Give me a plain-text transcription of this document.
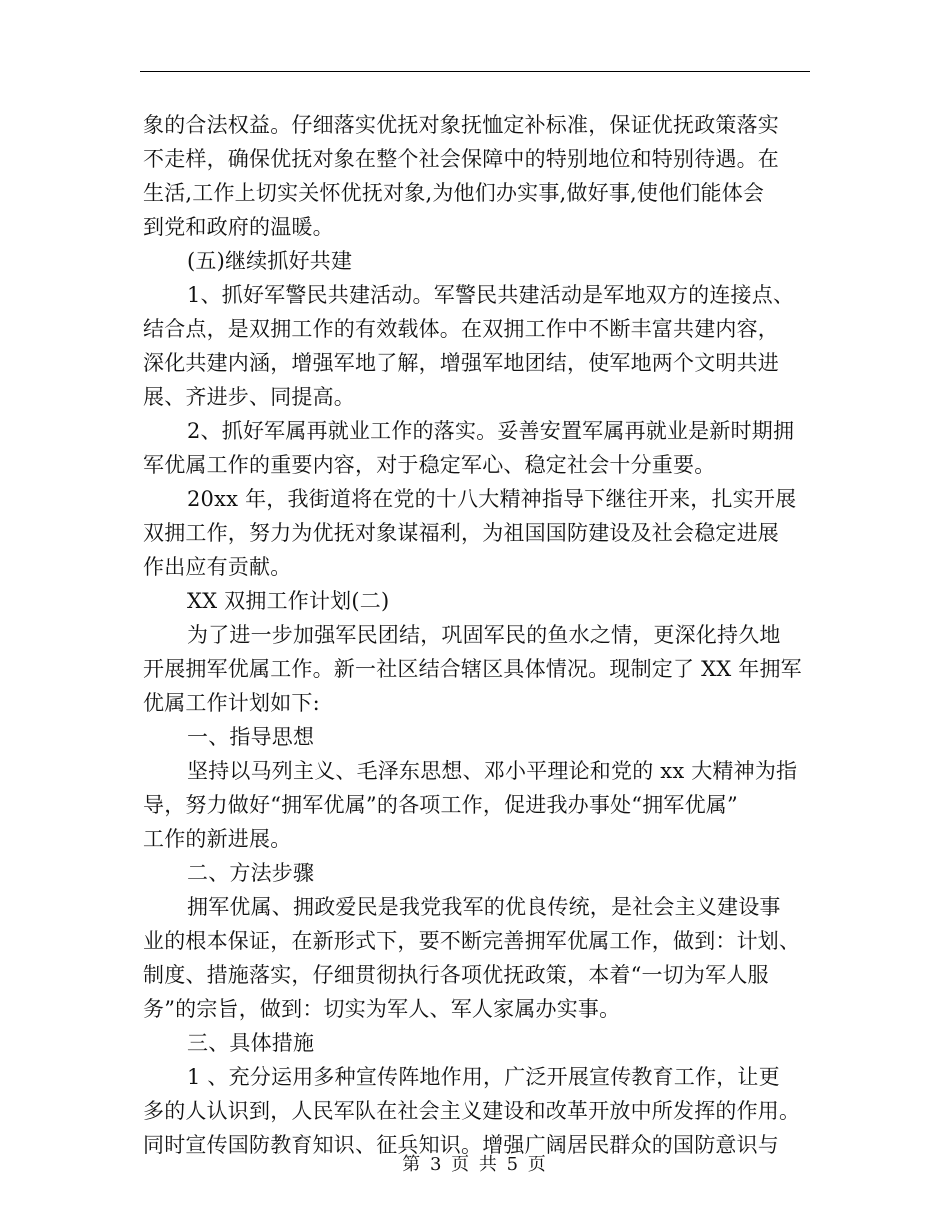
象的合法权益。仔细落实优抚对象抚恤定补标准，保证优抚政策落实
不走样，确保优抚对象在整个社会保障中的特别地位和特别待遇。在
生活,工作上切实关怀优抚对象,为他们办实事,做好事,使他们能体会
到党和政府的温暖。
(五)继续抓好共建
1、抓好军警民共建活动。军警民共建活动是军地双方的连接点、
结合点，是双拥工作的有效载体。在双拥工作中不断丰富共建内容，
深化共建内涵，增强军地了解，增强军地团结，使军地两个文明共进
展、齐进步、同提高。
2、抓好军属再就业工作的落实。妥善安置军属再就业是新时期拥
军优属工作的重要内容，对于稳定军心、稳定社会十分重要。
20xx 年，我街道将在党的十八大精神指导下继往开来，扎实开展
双拥工作，努力为优抚对象谋福利，为祖国国防建设及社会稳定进展
作出应有贡献。
XX 双拥工作计划(二)
为了进一步加强军民团结，巩固军民的鱼水之情，更深化持久地
开展拥军优属工作。新一社区结合辖区具体情况。现制定了 XX 年拥军
优属工作计划如下:
一、指导思想
坚持以马列主义、毛泽东思想、邓小平理论和党的 xx 大精神为指
导，努力做好“拥军优属”的各项工作，促进我办事处“拥军优属”
工作的新进展。
二、方法步骤
拥军优属、拥政爱民是我党我军的优良传统，是社会主义建设事
业的根本保证，在新形式下，要不断完善拥军优属工作，做到：计划、
制度、措施落实，仔细贯彻执行各项优抚政策，本着“一切为军人服
务”的宗旨，做到：切实为军人、军人家属办实事。
三、具体措施
1 、充分运用多种宣传阵地作用，广泛开展宣传教育工作，让更
多的人认识到，人民军队在社会主义建设和改革开放中所发挥的作用。
同时宣传国防教育知识、征兵知识。增强广阔居民群众的国防意识与
第 3 页 共 5 页
